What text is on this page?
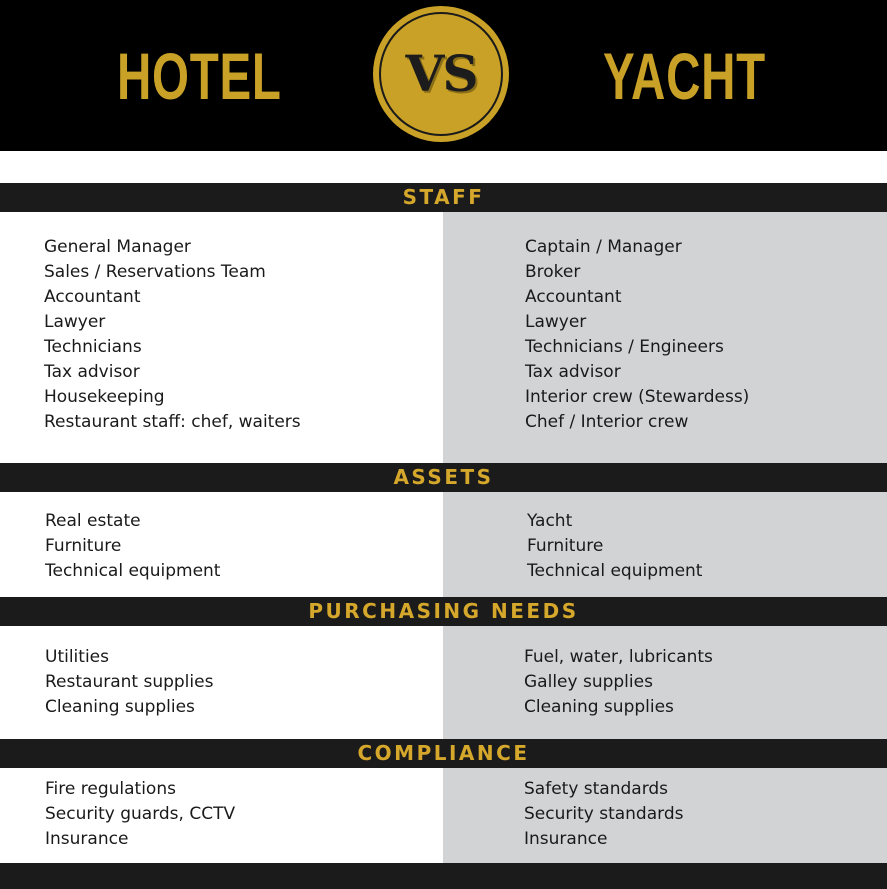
HOTEL	VS	YACHT
STAFF
General Manager
Sales / Reservations Team
Accountant
Lawyer
Technicians
Tax advisor
Housekeeping
Restaurant staff: chef, waiters
Captain / Manager
Broker
Accountant
Lawyer
Technicians / Engineers
Tax advisor
Interior crew (Stewardess)
Chef / Interior crew
ASSETS
Real estate
Furniture
Technical equipment
Yacht
Furniture
Technical equipment
PURCHASING NEEDS
Utilities
Restaurant supplies
Cleaning supplies
Fuel, water, lubricants
Galley supplies
Cleaning supplies
COMPLIANCE
Fire regulations
Security guards, CCTV
Insurance
Safety standards
Security standards
Insurance
